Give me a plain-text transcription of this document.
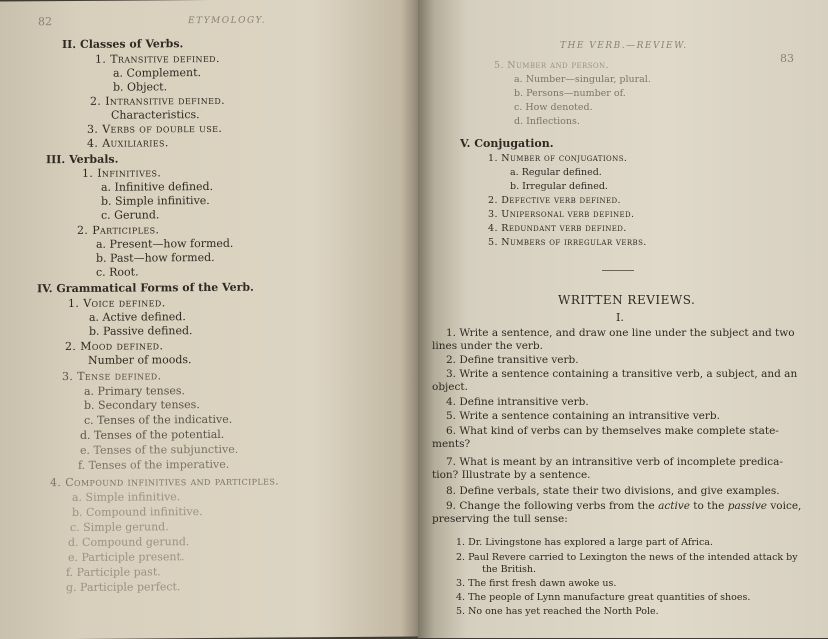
82	ETYMOLOGY.
II. Classes of Verbs.
1. Transitive defined.
a. Complement.
b. Object.
2. Intransitive defined.
Characteristics.
3. Verbs of double use.
4. Auxiliaries.
III. Verbals.
1. Infinitives.
a. Infinitive defined.
b. Simple infinitive.
c. Gerund.
2. Participles.
a. Present—how formed.
b. Past—how formed.
c. Root.
IV. Grammatical Forms of the Verb.
1. Voice defined.
a. Active defined.
b. Passive defined.
2. Mood defined.
Number of moods.
3. Tense defined.
a. Primary tenses.
b. Secondary tenses.
c. Tenses of the indicative.
d. Tenses of the potential.
e. Tenses of the subjunctive.
f. Tenses of the imperative.
4. Compound infinitives and participles.
a. Simple infinitive.
b. Compound infinitive.
c. Simple gerund.
d. Compound gerund.
e. Participle present.
f. Participle past.
g. Participle perfect.
THE VERB.—REVIEW.
83
5. Number and person.
a. Number—singular, plural.
b. Persons—number of.
c. How denoted.
d. Inflections.
V. Conjugation.
1. Number of conjugations.
a. Regular defined.
b. Irregular defined.
2. Defective verb defined.
3. Unipersonal verb defined.
4. Redundant verb defined.
5. Numbers of irregular verbs.
WRITTEN REVIEWS.
I.
1. Write a sentence, and draw one line under the subject and two
lines under the verb.
2. Define transitive verb.
3. Write a sentence containing a transitive verb, a subject, and an
object.
4. Define intransitive verb.
5. Write a sentence containing an intransitive verb.
6. What kind of verbs can by themselves make complete state-
ments?
7. What is meant by an intransitive verb of incomplete predica-
tion? Illustrate by a sentence.
8. Define verbals, state their two divisions, and give examples.
9. Change the following verbs from the active to the passive voice,
preserving the tull sense:
1. Dr. Livingstone has explored a large part of Africa.
2. Paul Revere carried to Lexington the news of the intended attack by
the British.
3. The first fresh dawn awoke us.
4. The people of Lynn manufacture great quantities of shoes.
5. No one has yet reached the North Pole.
